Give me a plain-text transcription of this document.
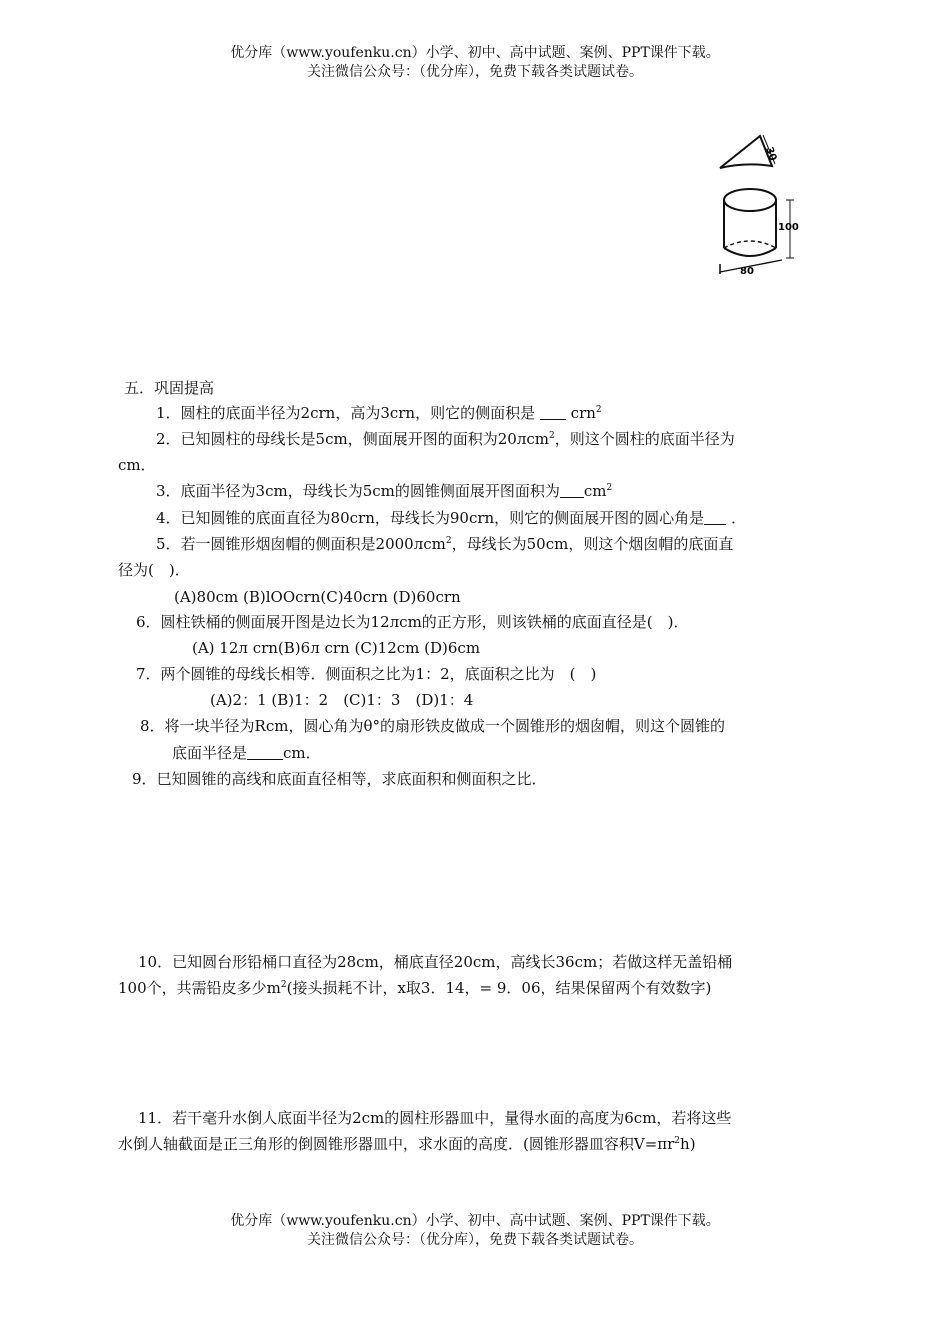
优分库（www.youfenku.cn）小学、初中、高中试题、案例、PPT课件下载。
关注微信公众号：（优分库），免费下载各类试题试卷。
30
100
80
五．巩固提高
1．圆柱的底面半径为2crn，高为3crn，则它的侧面积是 crn$^2$
2．已知圆柱的母线长是5cm，侧面展开图的面积为20лcm$^2$，则这个圆柱的底面半径为
cm．
3．底面半径为3cm，母线长为5cm的圆锥侧面展开图面积为 $cm^2$
4．已知圆锥的底面直径为80crn，母线长为90crn，则它的侧面展开图的圆心角是 ．
5．若一圆锥形烟囱帽的侧面积是2000лcm$^2$，母线长为50cm，则这个烟囱帽的底面直
径为(　)．
(A)80cm (B)lOOcrn(C)40crn (D)60crn
6．圆柱铁桶的侧面展开图是边长为12лcm的正方形，则该铁桶的底面直径是(　)．
(A) 12л crn(B)6л crn (C)12cm (D)6cm
7．两个圆锥的母线长相等．侧面积之比为1：2，底面积之比为　(　)
(A)2：1 (B)1：2　(C)1：3　(D)1：4
8．将一块半径为Rcm，圆心角为θ°的扇形铁皮做成一个圆锥形的烟囱帽，则这个圆锥的
底面半径是 cm．
9．巳知圆锥的高线和底面直径相等，求底面积和侧面积之比．
10．已知圆台形铅桶口直径为28cm，桶底直径20cm，高线长36cm；若做这样无盖铅桶
100个，共需铅皮多少$m^2$(接头损耗不计，x取3．14，= 9．06，结果保留两个有效数字)
11．若干毫升水倒人底面半径为2cm的圆柱形器皿中，量得水面的高度为6cm，若将这些
水倒人轴截面是正三角形的倒圆锥形器皿中，求水面的高度．(圆锥形器皿容积$V=\pi r^2h$)
优分库（www.youfenku.cn）小学、初中、高中试题、案例、PPT课件下载。
关注微信公众号：（优分库），免费下载各类试题试卷。
